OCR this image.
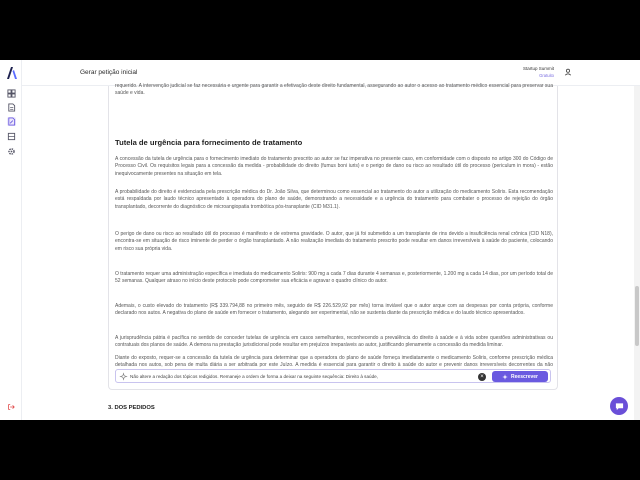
Gerar petição inicial
Startup Summit
Gratuito

requerido. A intervenção judicial se faz necessária e urgente para garantir a efetivação deste direito fundamental, assegurando ao autor o acesso ao tratamento médico essencial para preservar sua saúde e vida.

Tutela de urgência para fornecimento de tratamento

A concessão da tutela de urgência para o fornecimento imediato do tratamento prescrito ao autor se faz imperativa no presente caso, em conformidade com o disposto no artigo 300 do Código de Processo Civil. Os requisitos legais para a concessão da medida - probabilidade do direito (fumus boni iuris) e o perigo de dano ou risco ao resultado útil do processo (periculum in mora) - estão inequivocamente presentes na situação em tela.

A probabilidade do direito é evidenciada pela prescrição médica do Dr. João Silva, que determinou como essencial ao tratamento do autor a utilização do medicamento Soliris. Esta recomendação está respaldada por laudo técnico apresentado à operadora do plano de saúde, demonstrando a necessidade e a urgência do tratamento para combater o processo de rejeição do órgão transplantado, decorrente do diagnóstico de microangiopatia trombótica pós-transplante (CID M31.1).

O perigo de dano ou risco ao resultado útil do processo é manifesto e de extrema gravidade. O autor, que já foi submetido a um transplante de rins devido a insuficiência renal crônica (CID N18), encontra-se em situação de risco iminente de perder o órgão transplantado. A não realização imediata do tratamento prescrito pode resultar em danos irreversíveis à saúde do paciente, colocando em risco sua própria vida.

O tratamento requer uma administração específica e imediata do medicamento Soliris: 900 mg a cada 7 dias durante 4 semanas e, posteriormente, 1.200 mg a cada 14 dias, por um período total de 52 semanas. Qualquer atraso no início deste protocolo pode comprometer sua eficácia e agravar o quadro clínico do autor.

Ademais, o custo elevado do tratamento (R$ 339.794,88 no primeiro mês, seguido de R$ 226.529,92 por mês) torna inviável que o autor arque com as despesas por conta própria, conforme declarado nos autos. A negativa do plano de saúde em fornecer o tratamento, alegando ser experimental, não se sustenta diante da prescrição médica e do laudo técnico apresentados.

A jurisprudência pátria é pacífica no sentido de conceder tutelas de urgência em casos semelhantes, reconhecendo a prevalência do direito à saúde e à vida sobre questões administrativas ou contratuais dos planos de saúde. A demora na prestação jurisdicional pode resultar em prejuízos irreparáveis ao autor, justificando plenamente a concessão da medida liminar.

Diante do exposto, requer-se a concessão da tutela de urgência para determinar que a operadora do plano de saúde forneça imediatamente o medicamento Soliris, conforme prescrição médica detalhada nos autos, sob pena de multa diária a ser arbitrada por este Juízo. A medida é essencial para garantir o direito à saúde do autor e prevenir danos irreversíveis decorrentes da não

Não altere a redação dos tópicos redigidos. Remaneje a ordem de forma a deixar na seguinte sequência: Direito à saúde,
×	Reescrever
3. DOS PEDIDOS
